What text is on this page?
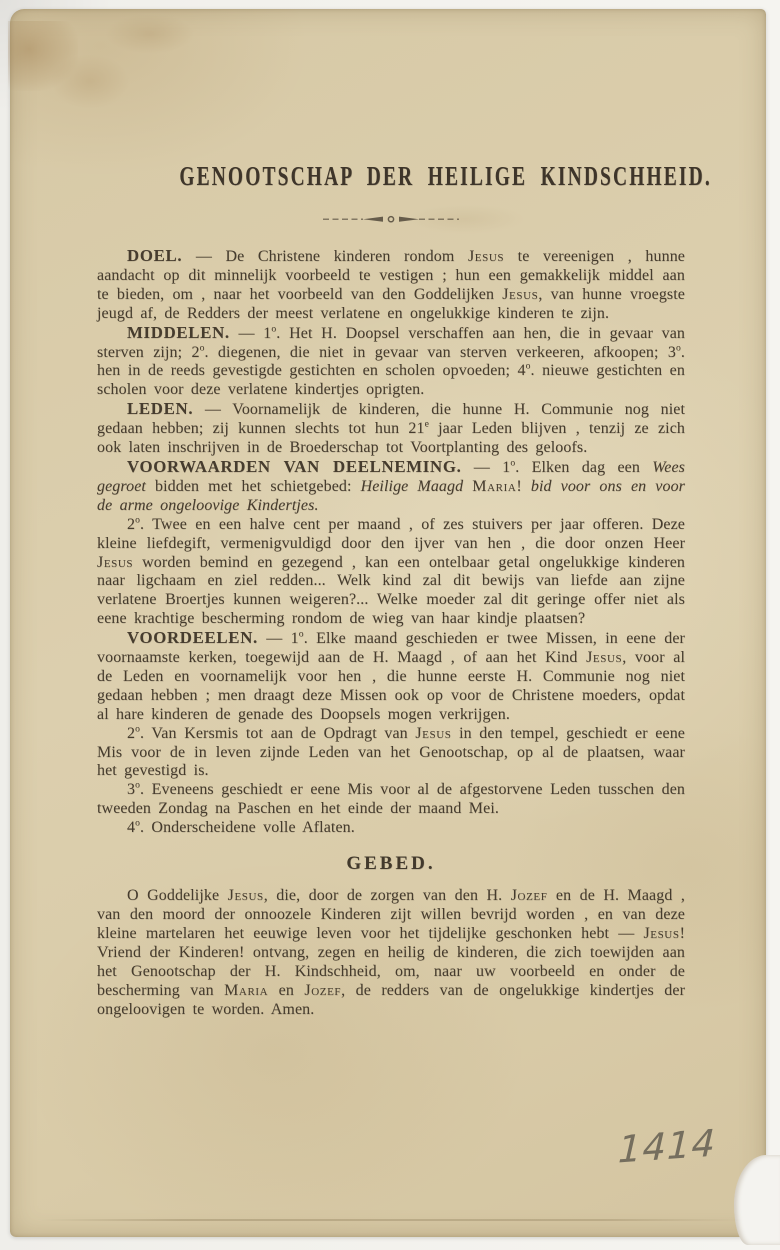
GENOOTSCHAP DER HEILIGE KINDSCHHEID.

DOEL. — De Christene kinderen rondom Jesus te vereenigen , hunne aandacht op dit minnelijk voorbeeld te vestigen ; hun een gemakkelijk middel aan te bieden, om , naar het voorbeeld van den Goddelijken Jesus, van hunne vroegste jeugd af, de Redders der meest verlatene en ongelukkige kinderen te zijn.

MIDDELEN. — 1$^o$. Het H. Doopsel verschaffen aan hen, die in gevaar van sterven zijn; 2$^o$. diegenen, die niet in gevaar van sterven verkeeren, afkoopen; 3$^o$. hen in de reeds gevestigde gestichten en scholen opvoeden; 4$^o$. nieuwe gestichten en scholen voor deze verlatene kindertjes oprigten.

LEDEN. — Voornamelijk de kinderen, die hunne H. Communie nog niet gedaan hebben; zij kunnen slechts tot hun 21e jaar Leden blijven , tenzij ze zich ook laten inschrijven in de Broederschap tot Voortplanting des geloofs.

VOORWAARDEN VAN DEELNEMING. — 1$^o$. Elken dag een Wees gegroet bidden met het schietgebed: Heilige Maagd Maria! bid voor ons en voor de arme ongeloovige Kindertjes.

2$^o$. Twee en een halve cent per maand , of zes stuivers per jaar offeren. Deze kleine liefdegift, vermenigvuldigd door den ijver van hen , die door onzen Heer Jesus worden bemind en gezegend , kan een ontelbaar getal ongelukkige kinderen naar ligchaam en ziel redden... Welk kind zal dit bewijs van liefde aan zijne verlatene Broertjes kunnen weigeren?... Welke moeder zal dit geringe offer niet als eene krachtige bescherming rondom de wieg van haar kindje plaatsen?

VOORDEELEN. — 1$^o$. Elke maand geschieden er twee Missen, in eene der voornaamste kerken, toegewijd aan de H. Maagd , of aan het Kind Jesus, voor al de Leden en voornamelijk voor hen , die hunne eerste H. Communie nog niet gedaan hebben ; men draagt deze Missen ook op voor de Christene moeders, opdat al hare kinderen de genade des Doopsels mogen verkrijgen.

2$^o$. Van Kersmis tot aan de Opdragt van Jesus in den tempel, geschiedt er eene Mis voor de in leven zijnde Leden van het Genootschap, op al de plaatsen, waar het gevestigd is.

3$^o$. Eveneens geschiedt er eene Mis voor al de afgestorvene Leden tusschen den tweeden Zondag na Paschen en het einde der maand Mei.

4$^o$. Onderscheidene volle Aflaten.

GEBED.

O Goddelijke Jesus, die, door de zorgen van den H. Jozef en de H. Maagd , van den moord der onnoozele Kinderen zijt willen bevrijd worden , en van deze kleine martelaren het eeuwige leven voor het tijdelijke geschonken hebt — Jesus! Vriend der Kinderen! ontvang, zegen en heilig de kinderen, die zich toewijden aan het Genootschap der H. Kindschheid, om, naar uw voorbeeld en onder de bescherming van Maria en Jozef, de redders van de ongelukkige kindertjes der ongeloovigen te worden. Amen.

1414
